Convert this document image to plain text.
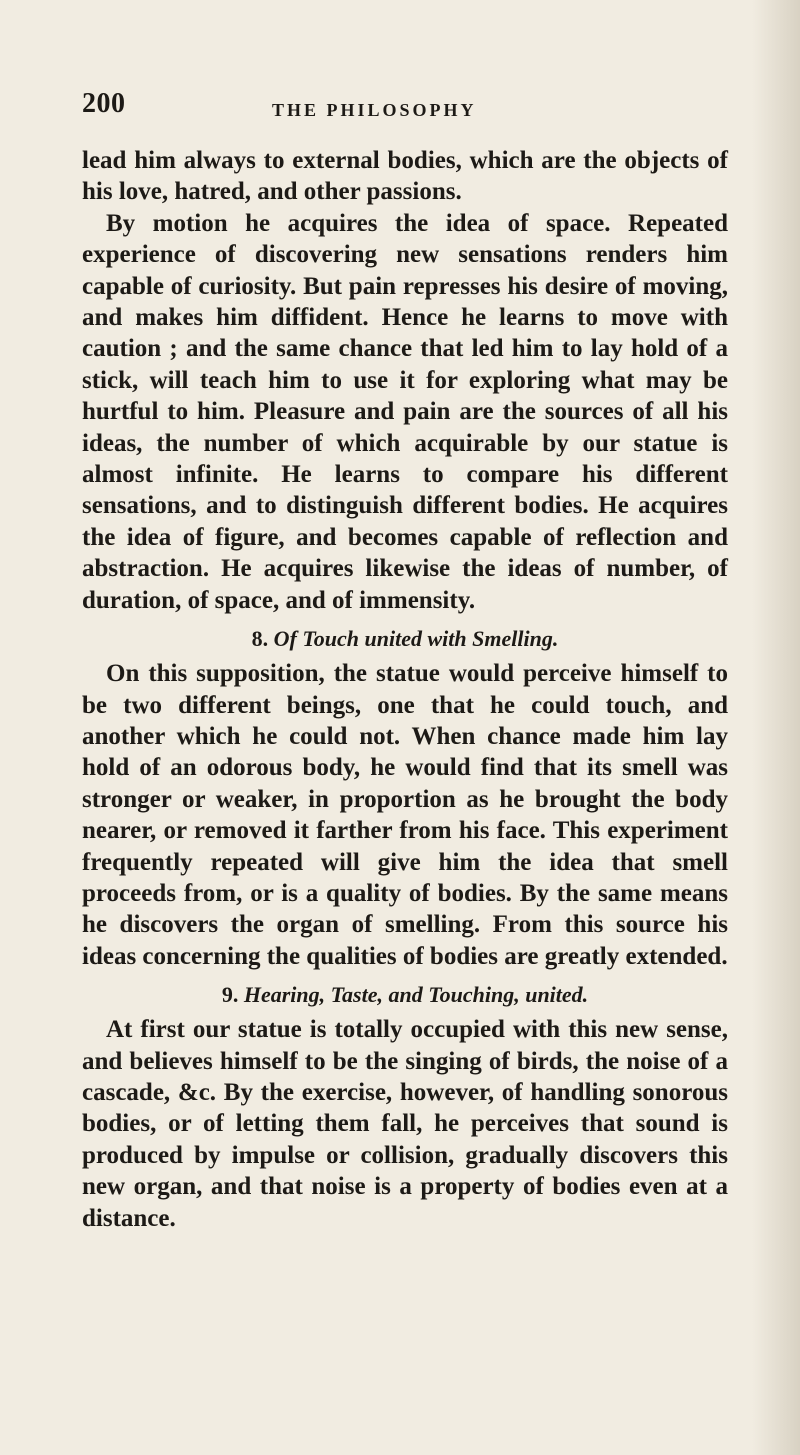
200	THE PHILOSOPHY

lead him always to external bodies, which are the objects of his love, hatred, and other passions.

By motion he acquires the idea of space. Repeated experience of discovering new sensations renders him capable of curiosity. But pain represses his desire of moving, and makes him diffident. Hence he learns to move with caution ; and the same chance that led him to lay hold of a stick, will teach him to use it for exploring what may be hurtful to him. Pleasure and pain are the sources of all his ideas, the number of which acquirable by our statue is almost infinite. He learns to compare his different sensations, and to distinguish different bodies. He acquires the idea of figure, and becomes capable of reflection and abstraction. He acquires likewise the ideas of number, of duration, of space, and of immensity.

8. Of Touch united with Smelling.

On this supposition, the statue would perceive himself to be two different beings, one that he could touch, and another which he could not. When chance made him lay hold of an odorous body, he would find that its smell was stronger or weaker, in proportion as he brought the body nearer, or removed it farther from his face. This experiment frequently repeated will give him the idea that smell proceeds from, or is a quality of bodies. By the same means he discovers the organ of smelling. From this source his ideas concerning the qualities of bodies are greatly extended.

9. Hearing, Taste, and Touching, united.

At first our statue is totally occupied with this new sense, and believes himself to be the singing of birds, the noise of a cascade, &c. By the exercise, however, of handling sonorous bodies, or of letting them fall, he perceives that sound is produced by impulse or collision, gradually discovers this new organ, and that noise is a property of bodies even at a distance.
